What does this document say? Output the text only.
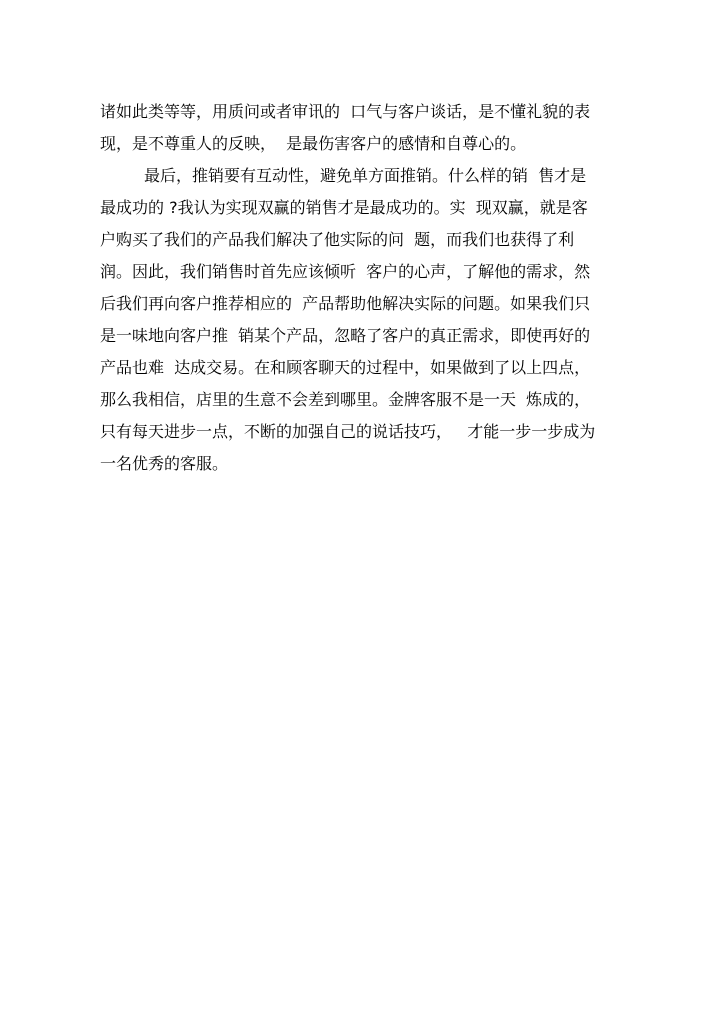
诸如此类等等，用质问或者审讯的  口气与客户谈话，是不懂礼貌的表
现，是不尊重人的反映，  是最伤害客户的感情和自尊心的。
最后，推销要有互动性，避免单方面推销。什么样的销  售才是
最成功的 ?我认为实现双赢的销售才是最成功的。实  现双赢，就是客
户购买了我们的产品我们解决了他实际的问  题，而我们也获得了利
润。因此，我们销售时首先应该倾听  客户的心声，了解他的需求，然
后我们再向客户推荐相应的  产品帮助他解决实际的问题。如果我们只
是一味地向客户推  销某个产品，忽略了客户的真正需求，即使再好的
产品也难  达成交易。在和顾客聊天的过程中，如果做到了以上四点，
那么我相信，店里的生意不会差到哪里。金牌客服不是一天  炼成的，
只有每天进步一点，不断的加强自己的说话技巧，   才能一步一步成为
一名优秀的客服。
